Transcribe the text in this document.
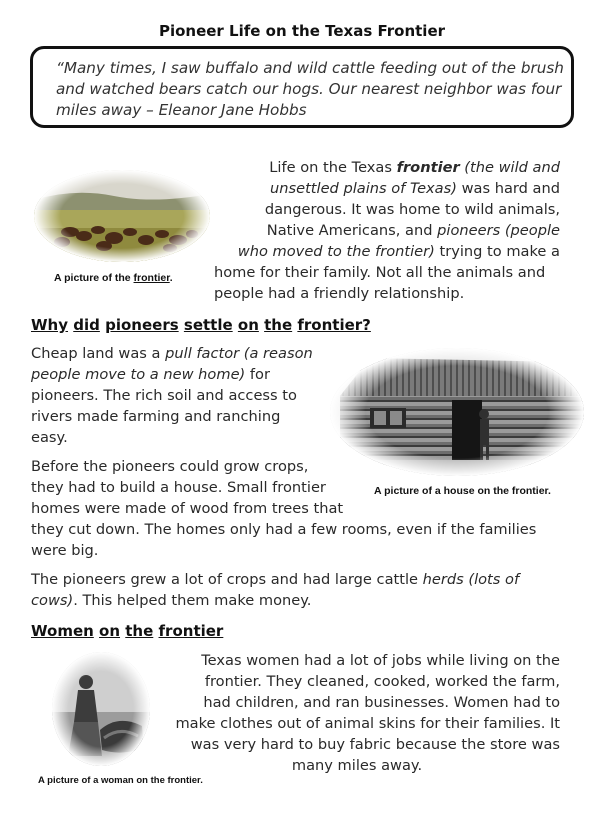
Pioneer Life on the Texas Frontier
“Many times, I saw buffalo and wild cattle feeding out of the brush and watched bears catch our hogs. Our nearest neighbor was four miles away – Eleanor Jane Hobbs
A picture of the frontier.
Life on the Texas frontier (the wild and
unsettled plains of Texas) was hard and
dangerous. It was home to wild animals,
Native Americans, and pioneers (people
who moved to the frontier) trying to make a
home for their family. Not all the animals and
people had a friendly relationship.
Why did pioneers settle on the frontier?
Cheap land was a pull factor (a reason
people move to a new home) for
pioneers. The rich soil and access to
rivers made farming and ranching
easy.
A picture of a house on the frontier.
Before the pioneers could grow crops,
they had to build a house. Small frontier
homes were made of wood from trees that
they cut down. The homes only had a few rooms, even if the families
were big.
The pioneers grew a lot of crops and had large cattle herds (lots of
cows). This helped them make money.
Women on the frontier
Texas women had a lot of jobs while living on the
frontier. They cleaned, cooked, worked the farm,
had children, and ran businesses. Women had to
make clothes out of animal skins for their families. It
was very hard to buy fabric because the store was
many miles away.
A picture of a woman on the frontier.
